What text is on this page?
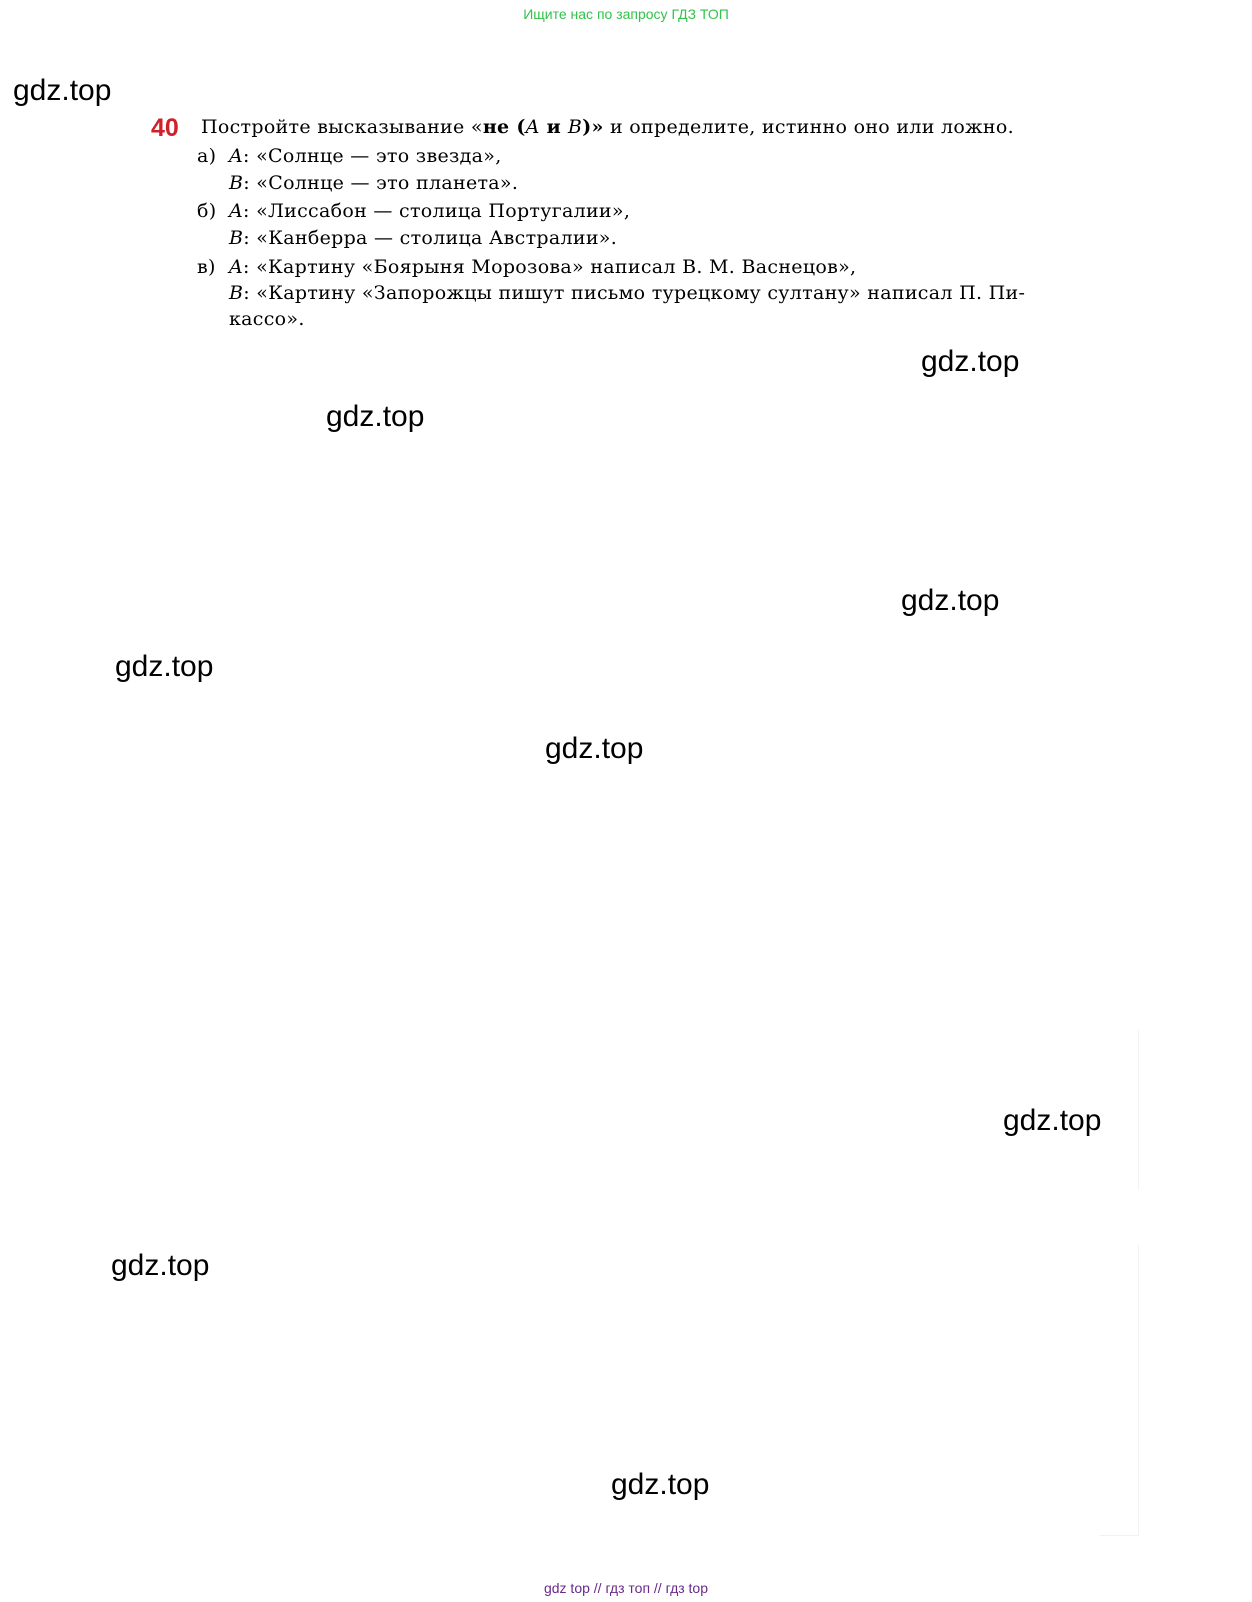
Ищите нас по запросу ГДЗ ТОП
gdz.top
gdz.top
gdz.top
gdz.top
gdz.top
gdz.top
gdz.top
gdz.top
gdz.top
40 Постройте высказывание «не (A и B)» и определите, истинно оно или ложно.
а) A: «Солнце — это звезда»,
B: «Солнце — это планета».
б) A: «Лиссабон — столица Португалии»,
B: «Канберра — столица Австралии».
в) A: «Картину «Боярыня Морозова» написал В. М. Васнецов»,
B: «Картину «Запорожцы пишут письмо турецкому султану» написал П. Пи-
кассо».
gdz top // гдз топ // гдз top
